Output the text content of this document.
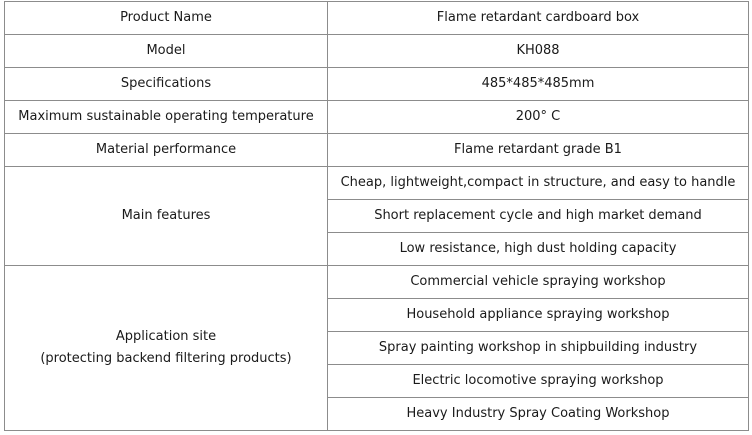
Product Name	Flame retardant cardboard box
Model	KH088
Specifications	485*485*485mm
Maximum sustainable operating temperature	200° C
Material performance	Flame retardant grade B1
Main features	Cheap, lightweight,compact in structure, and easy to handle
	Short replacement cycle and high market demand
	Low resistance, high dust holding capacity

Application site
(protecting backend filtering products)	Commercial vehicle spraying workshop
	Household appliance spraying workshop
	Spray painting workshop in shipbuilding industry
	Electric locomotive spraying workshop
	Heavy Industry Spray Coating Workshop
